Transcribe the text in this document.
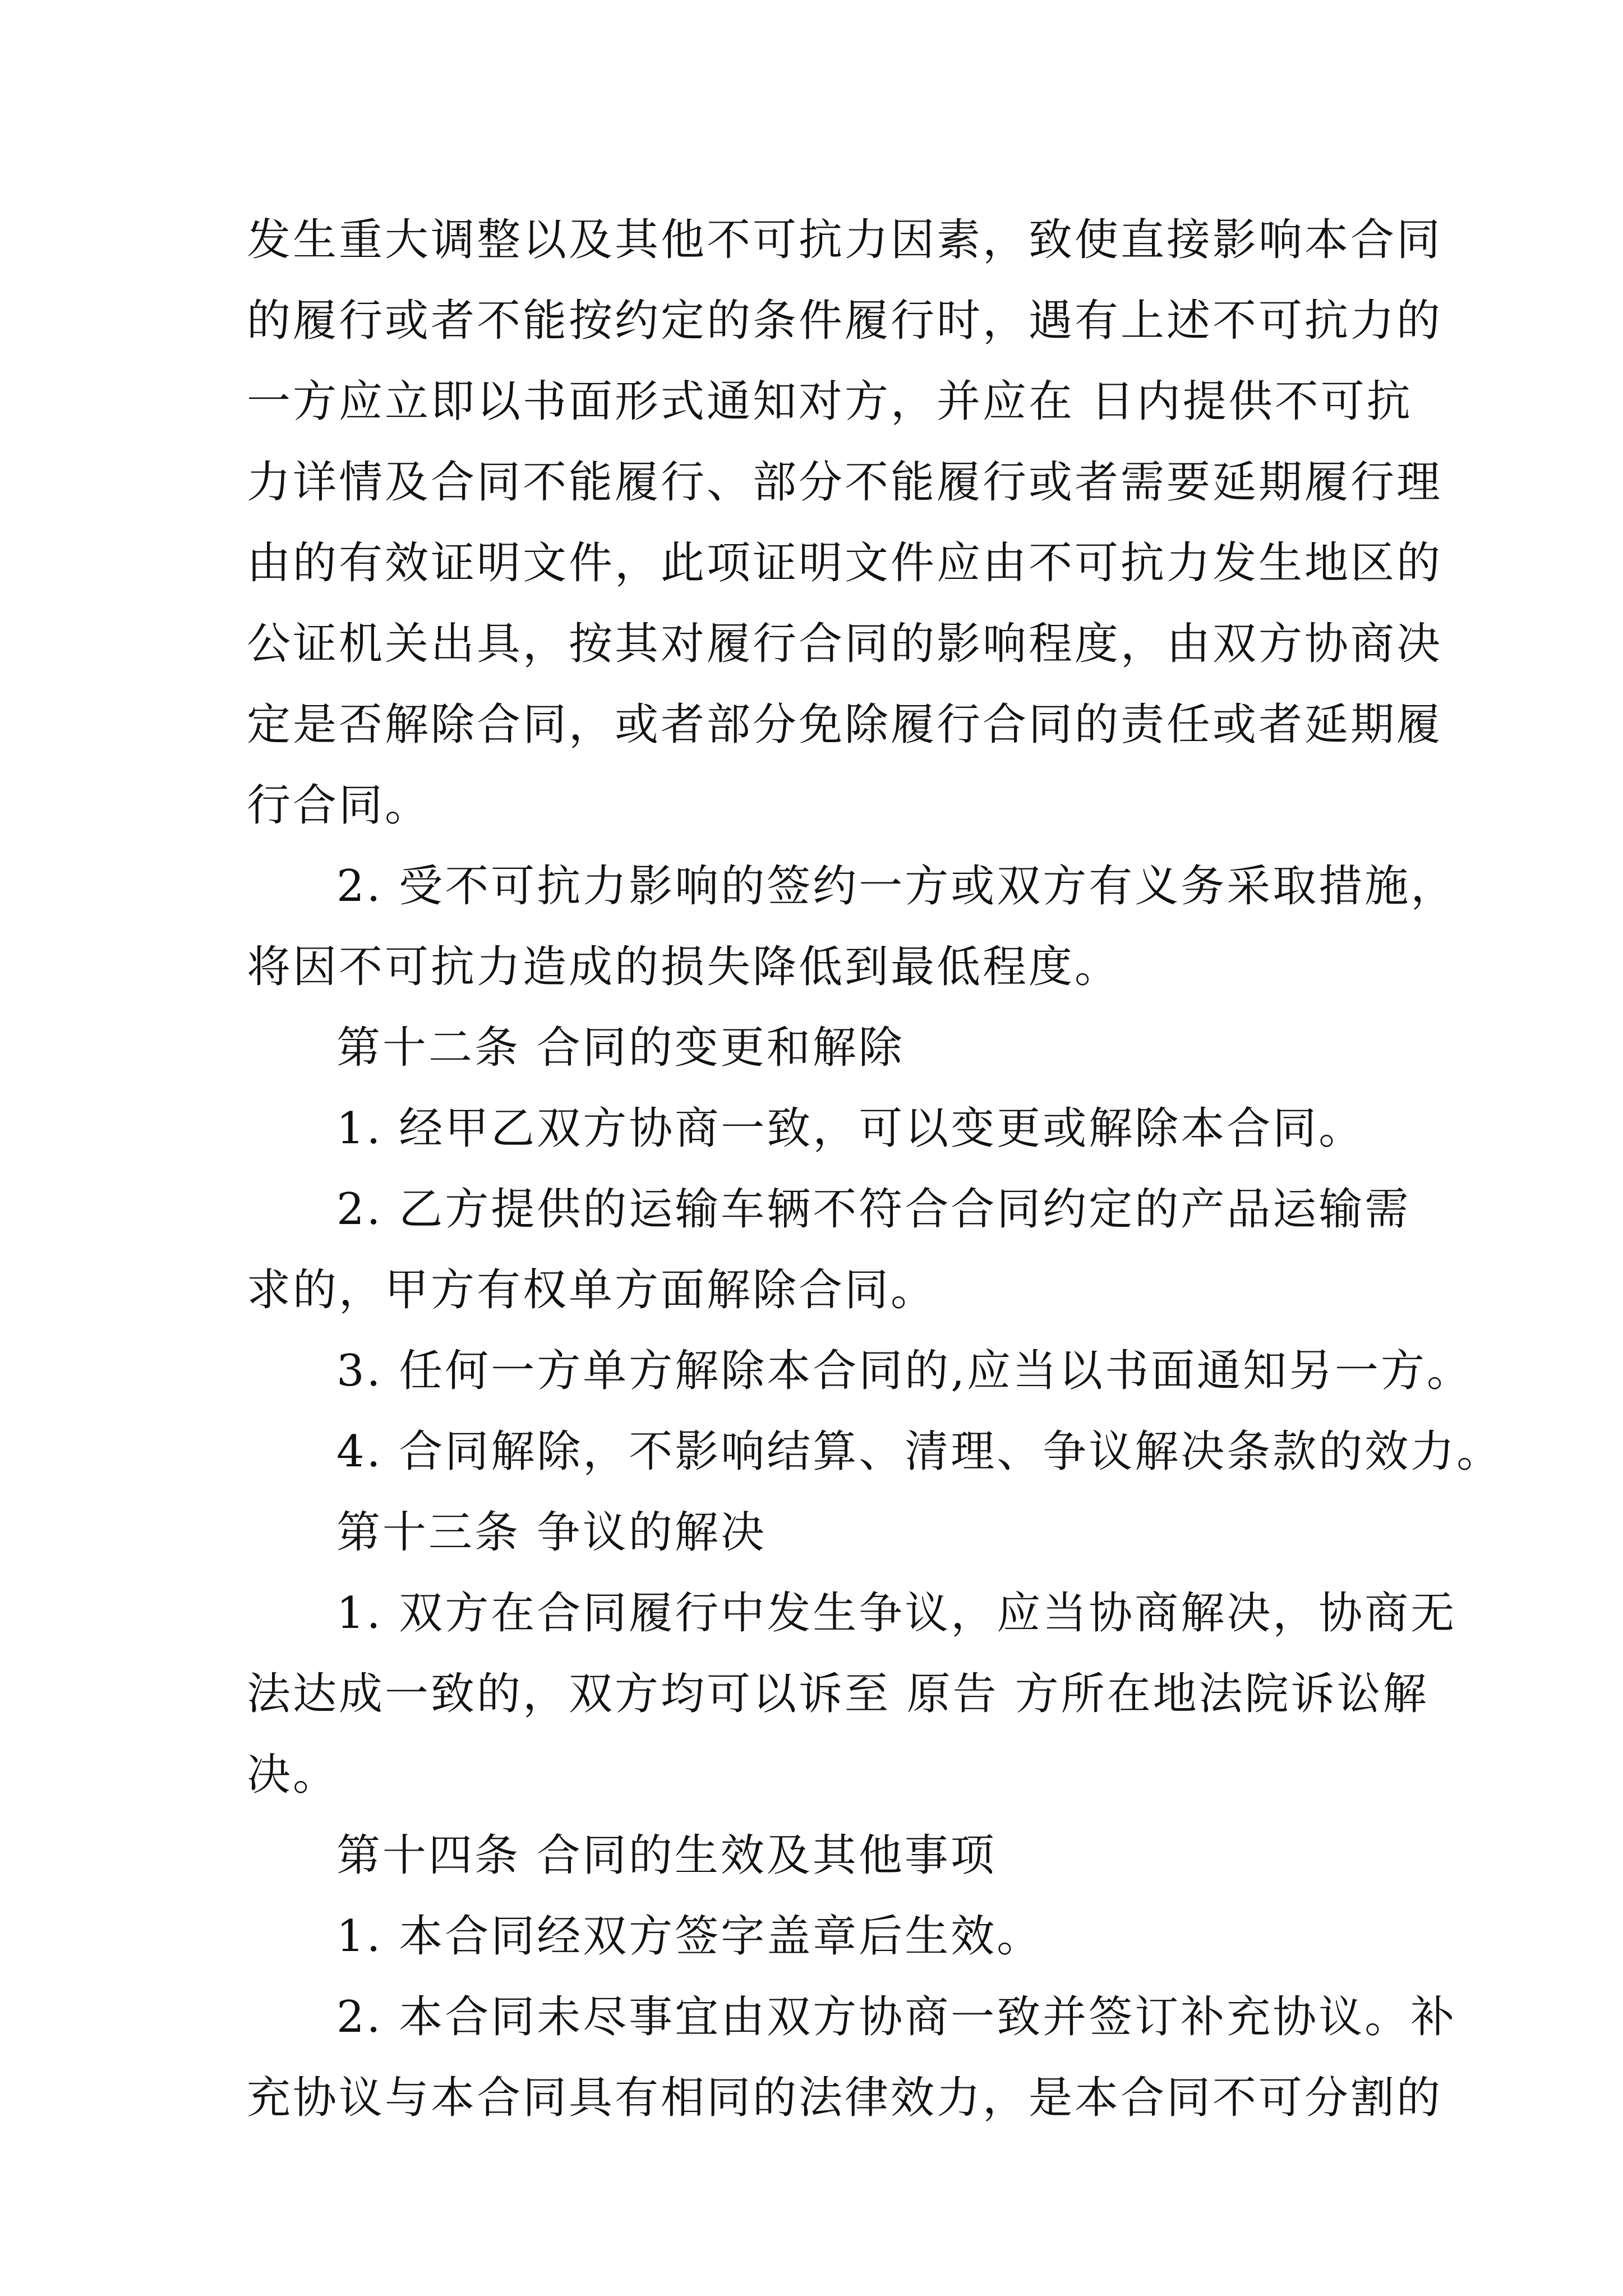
发生重大调整以及其他不可抗力因素，致使直接影响本合同
的履行或者不能按约定的条件履行时，遇有上述不可抗力的
一方应立即以书面形式通知对方，并应在 日内提供不可抗
力详情及合同不能履行、部分不能履行或者需要延期履行理
由的有效证明文件，此项证明文件应由不可抗力发生地区的
公证机关出具，按其对履行合同的影响程度，由双方协商决
定是否解除合同，或者部分免除履行合同的责任或者延期履
行合同。
2. 受不可抗力影响的签约一方或双方有义务采取措施，
将因不可抗力造成的损失降低到最低程度。
第十二条 合同的变更和解除
1. 经甲乙双方协商一致，可以变更或解除本合同。
2. 乙方提供的运输车辆不符合合同约定的产品运输需
求的，甲方有权单方面解除合同。
3. 任何一方单方解除本合同的,应当以书面通知另一方。
4. 合同解除，不影响结算、清理、争议解决条款的效力。
第十三条 争议的解决
1. 双方在合同履行中发生争议，应当协商解决，协商无
法达成一致的，双方均可以诉至 原告 方所在地法院诉讼解
决。
第十四条 合同的生效及其他事项
1. 本合同经双方签字盖章后生效。
2. 本合同未尽事宜由双方协商一致并签订补充协议。补
充协议与本合同具有相同的法律效力，是本合同不可分割的
